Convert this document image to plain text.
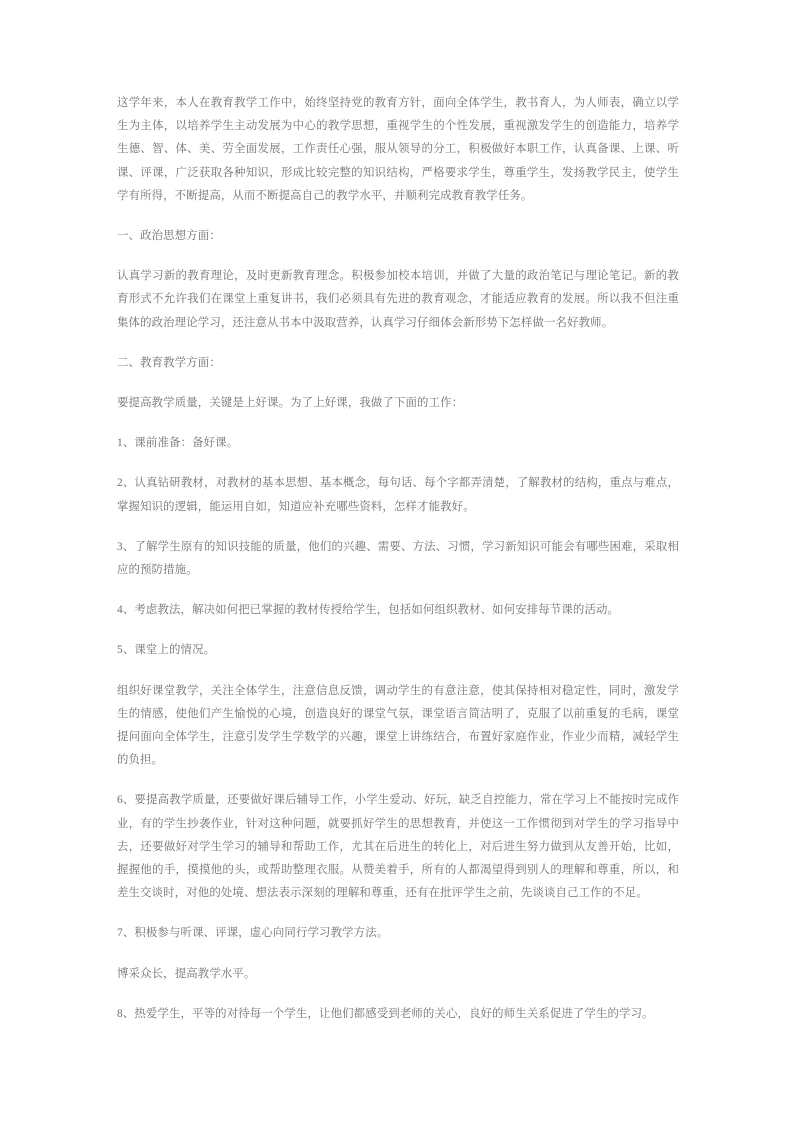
这学年来，本人在教育教学工作中，始终坚持党的教育方针，面向全体学生，教书育人，为人师表，确立以学生为主体，以培养学生主动发展为中心的教学思想，重视学生的个性发展，重视激发学生的创造能力，培养学生德、智、体、美、劳全面发展，工作责任心强，服从领导的分工，积极做好本职工作，认真备课、上课、听课、评课，广泛获取各种知识，形成比较完整的知识结构，严格要求学生，尊重学生，发扬教学民主，使学生学有所得，不断提高，从而不断提高自己的教学水平，并顺利完成教育教学任务。

一、政治思想方面：

认真学习新的教育理论，及时更新教育理念。积极参加校本培训，并做了大量的政治笔记与理论笔记。新的教育形式不允许我们在课堂上重复讲书，我们必须具有先进的教育观念，才能适应教育的发展。所以我不但注重集体的政治理论学习，还注意从书本中汲取营养，认真学习仔细体会新形势下怎样做一名好教师。

二、教育教学方面：

要提高教学质量，关键是上好课。为了上好课，我做了下面的工作：

1、课前准备：备好课。

2、认真钻研教材，对教材的基本思想、基本概念，每句话、每个字都弄清楚，了解教材的结构，重点与难点，掌握知识的逻辑，能运用自如，知道应补充哪些资料，怎样才能教好。

3、了解学生原有的知识技能的质量，他们的兴趣、需要、方法、习惯，学习新知识可能会有哪些困难，采取相应的预防措施。

4、考虑教法，解决如何把已掌握的教材传授给学生，包括如何组织教材、如何安排每节课的活动。

5、课堂上的情况。

组织好课堂教学，关注全体学生，注意信息反馈，调动学生的有意注意，使其保持相对稳定性，同时，激发学生的情感，使他们产生愉悦的心境，创造良好的课堂气氛，课堂语言简洁明了，克服了以前重复的毛病，课堂提问面向全体学生，注意引发学生学数学的兴趣，课堂上讲练结合，布置好家庭作业，作业少而精，减轻学生的负担。

6、要提高教学质量，还要做好课后辅导工作，小学生爱动、好玩，缺乏自控能力，常在学习上不能按时完成作业，有的学生抄袭作业，针对这种问题，就要抓好学生的思想教育，并使这一工作惯彻到对学生的学习指导中去，还要做好对学生学习的辅导和帮助工作，尤其在后进生的转化上，对后进生努力做到从友善开始，比如，握握他的手，摸摸他的头，或帮助整理衣服。从赞美着手，所有的人都渴望得到别人的理解和尊重，所以，和差生交谈时，对他的处境、想法表示深刻的理解和尊重，还有在批评学生之前，先谈谈自己工作的不足。

7、积极参与听课、评课，虚心向同行学习教学方法。

博采众长，提高教学水平。

8、热爱学生，平等的对待每一个学生，让他们都感受到老师的关心，良好的师生关系促进了学生的学习。
